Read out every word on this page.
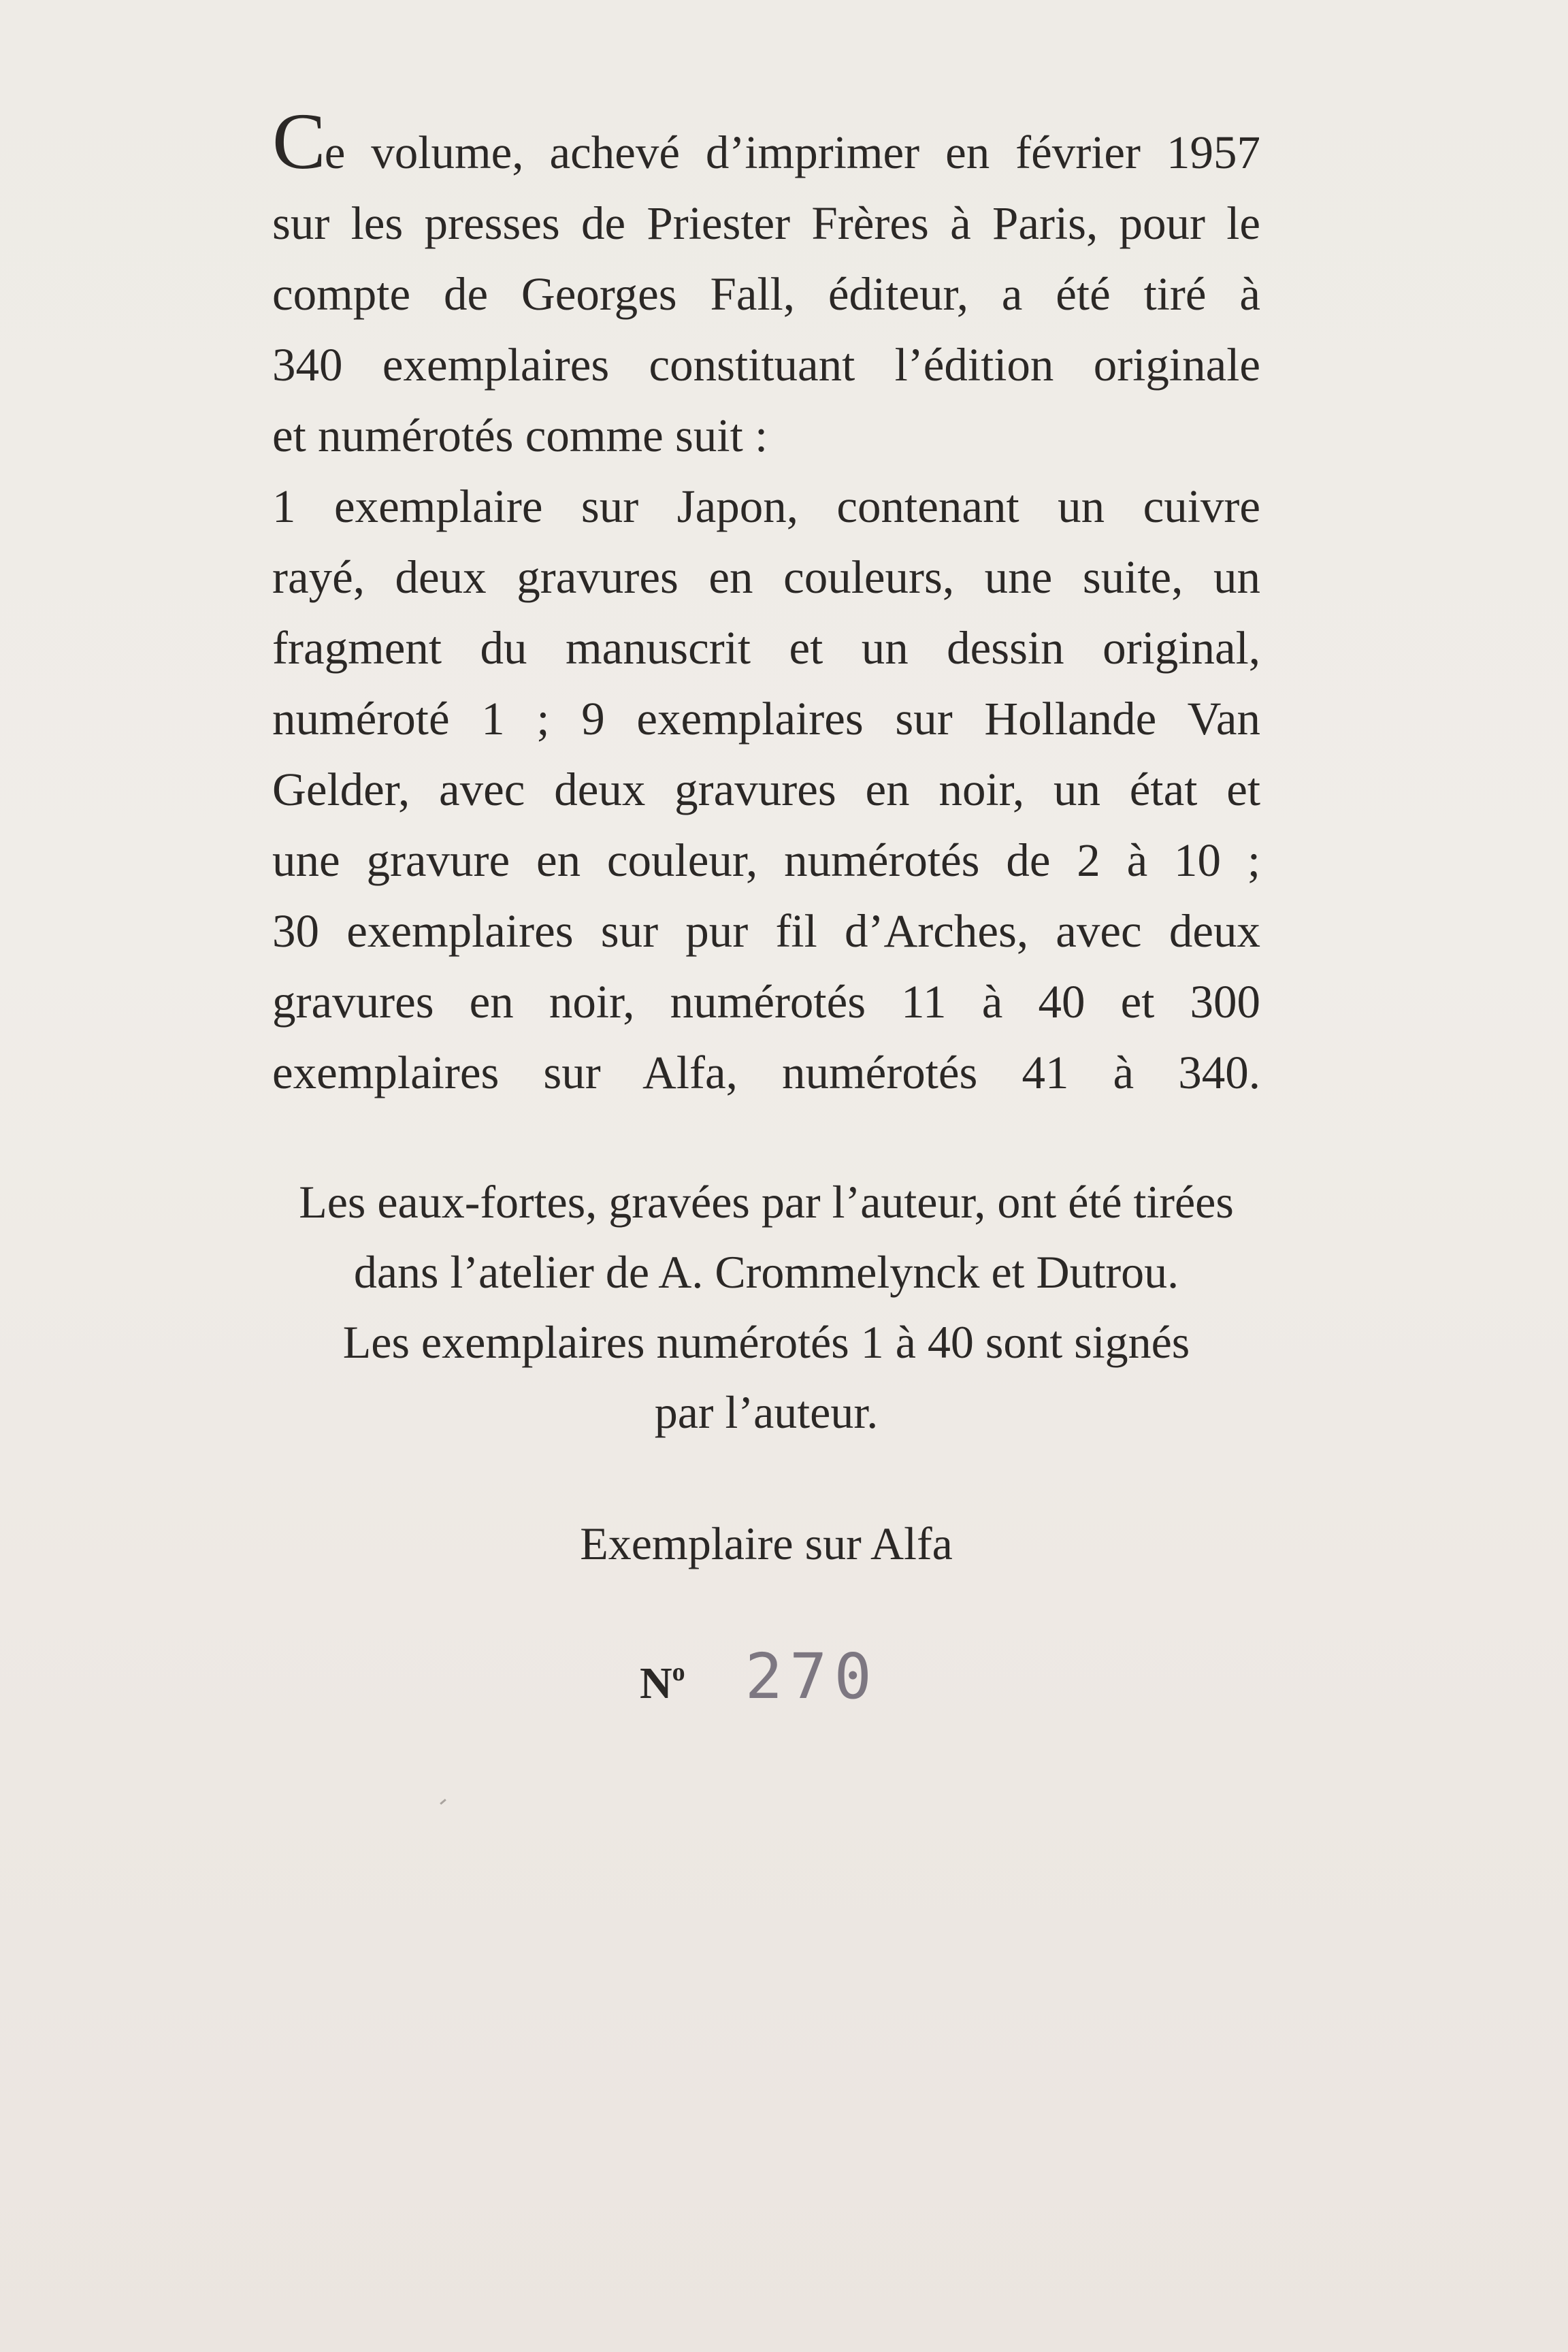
Ce volume, achevé d’imprimer en février 1957

sur les presses de Priester Frères à Paris, pour le

compte de Georges Fall, éditeur, a été tiré à

340 exemplaires constituant l’édition originale

et numérotés comme suit :

1 exemplaire sur Japon, contenant un cuivre

rayé, deux gravures en couleurs, une suite, un

fragment du manuscrit et un dessin original,

numéroté 1 ; 9 exemplaires sur Hollande Van

Gelder, avec deux gravures en noir, un état et

une gravure en couleur, numérotés de 2 à 10 ;

30 exemplaires sur pur fil d’Arches, avec deux

gravures en noir, numérotés 11 à 40 et 300

exemplaires sur Alfa, numérotés 41 à 340.

Les eaux-fortes, gravées par l’auteur, ont été tirées
dans l’atelier de A. Crommelynck et Dutrou.
Les exemplaires numérotés 1 à 40 sont signés
par l’auteur.
Exemplaire sur Alfa
$N^o$ 270
